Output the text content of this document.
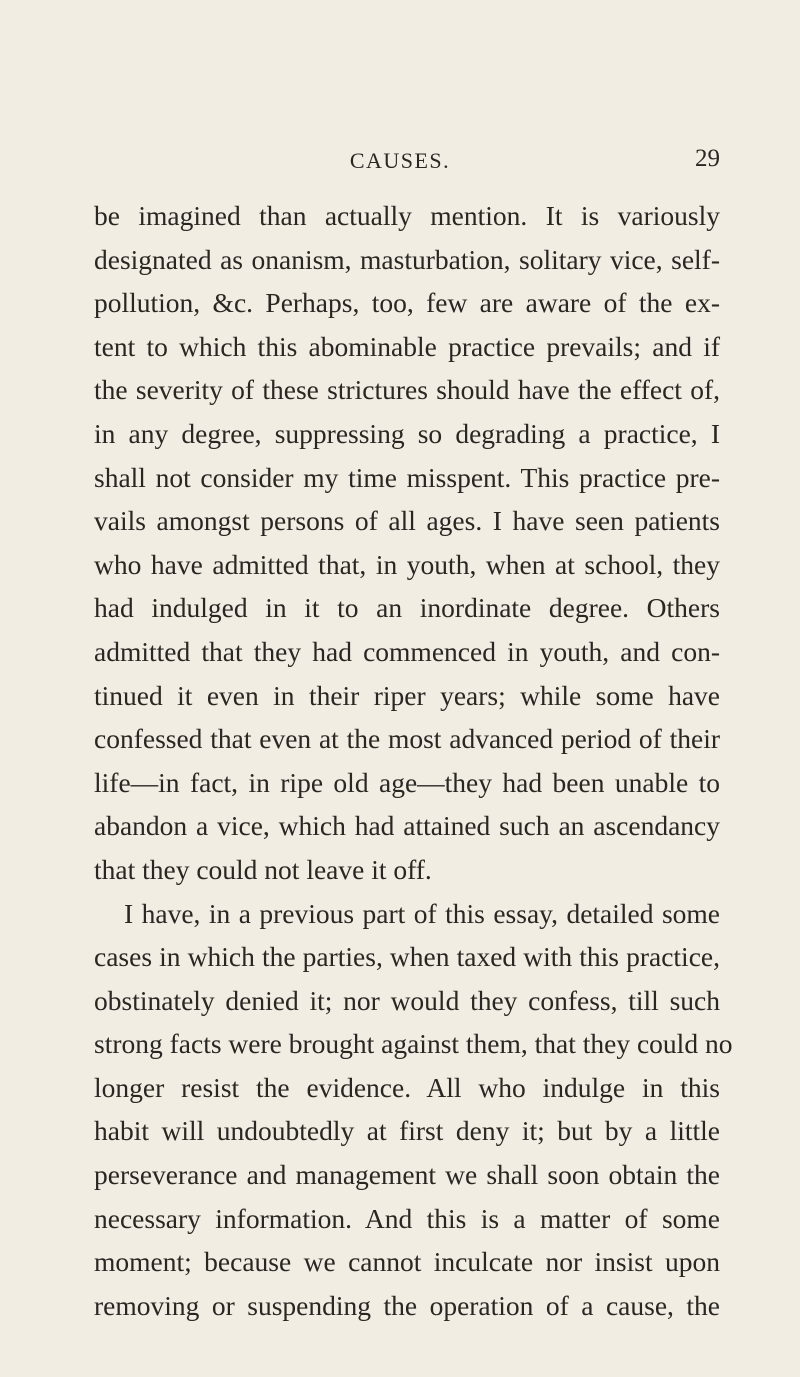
CAUSES.	29
be imagined than actually mention. It is variously
designated as onanism, masturbation, solitary vice, self-
pollution, &c. Perhaps, too, few are aware of the ex-
tent to which this abominable practice prevails; and if
the severity of these strictures should have the effect of,
in any degree, suppressing so degrading a practice, I
shall not consider my time misspent. This practice pre-
vails amongst persons of all ages. I have seen patients
who have admitted that, in youth, when at school, they
had indulged in it to an inordinate degree. Others
admitted that they had commenced in youth, and con-
tinued it even in their riper years; while some have
confessed that even at the most advanced period of their
life—in fact, in ripe old age—they had been unable to
abandon a vice, which had attained such an ascendancy
that they could not leave it off.
I have, in a previous part of this essay, detailed some
cases in which the parties, when taxed with this practice,
obstinately denied it; nor would they confess, till such
strong facts were brought against them, that they could no
longer resist the evidence. All who indulge in this
habit will undoubtedly at first deny it; but by a little
perseverance and management we shall soon obtain the
necessary information. And this is a matter of some
moment; because we cannot inculcate nor insist upon
removing or suspending the operation of a cause, the
